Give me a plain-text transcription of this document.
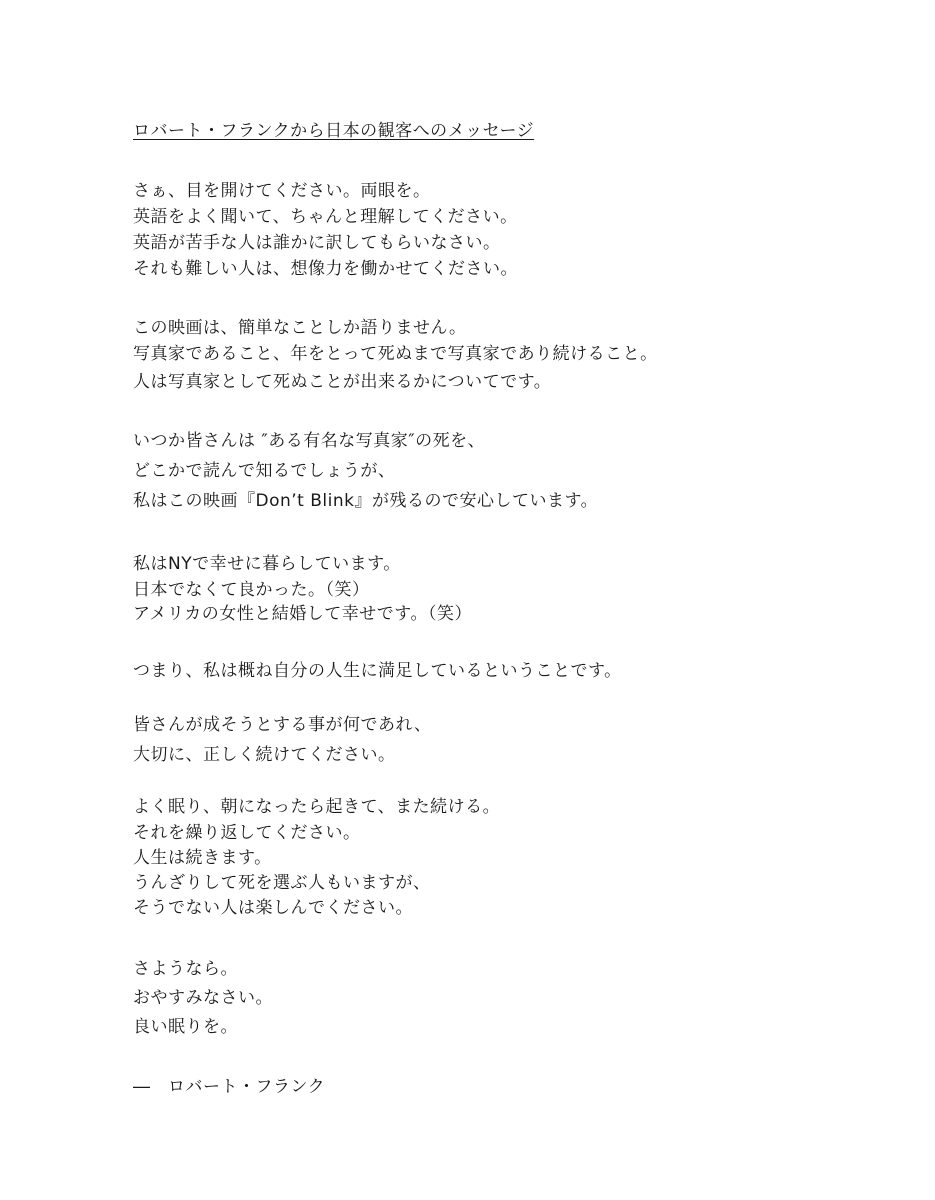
ロバート・フランクから日本の観客へのメッセージ
さぁ、目を開けてください。両眼を。
英語をよく聞いて、ちゃんと理解してください。
英語が苦手な人は誰かに訳してもらいなさい。
それも難しい人は、想像力を働かせてください。
この映画は、簡単なことしか語りません。
写真家であること、年をとって死ぬまで写真家であり続けること。
人は写真家として死ぬことが出来るかについてです。
いつか皆さんは ″ある有名な写真家″の死を、
どこかで読んで知るでしょうが、
私はこの映画『Don’t Blink』が残るので安心しています。
私はNYで幸せに暮らしています。
日本でなくて良かった。（笑）
アメリカの女性と結婚して幸せです。（笑）
つまり、私は概ね自分の人生に満足しているということです。
皆さんが成そうとする事が何であれ、
大切に、正しく続けてください。
よく眠り、朝になったら起きて、また続ける。
それを繰り返してください。
人生は続きます。
うんざりして死を選ぶ人もいますが、
そうでない人は楽しんでください。
さようなら。
おやすみなさい。
良い眠りを。
―　ロバート・フランク
